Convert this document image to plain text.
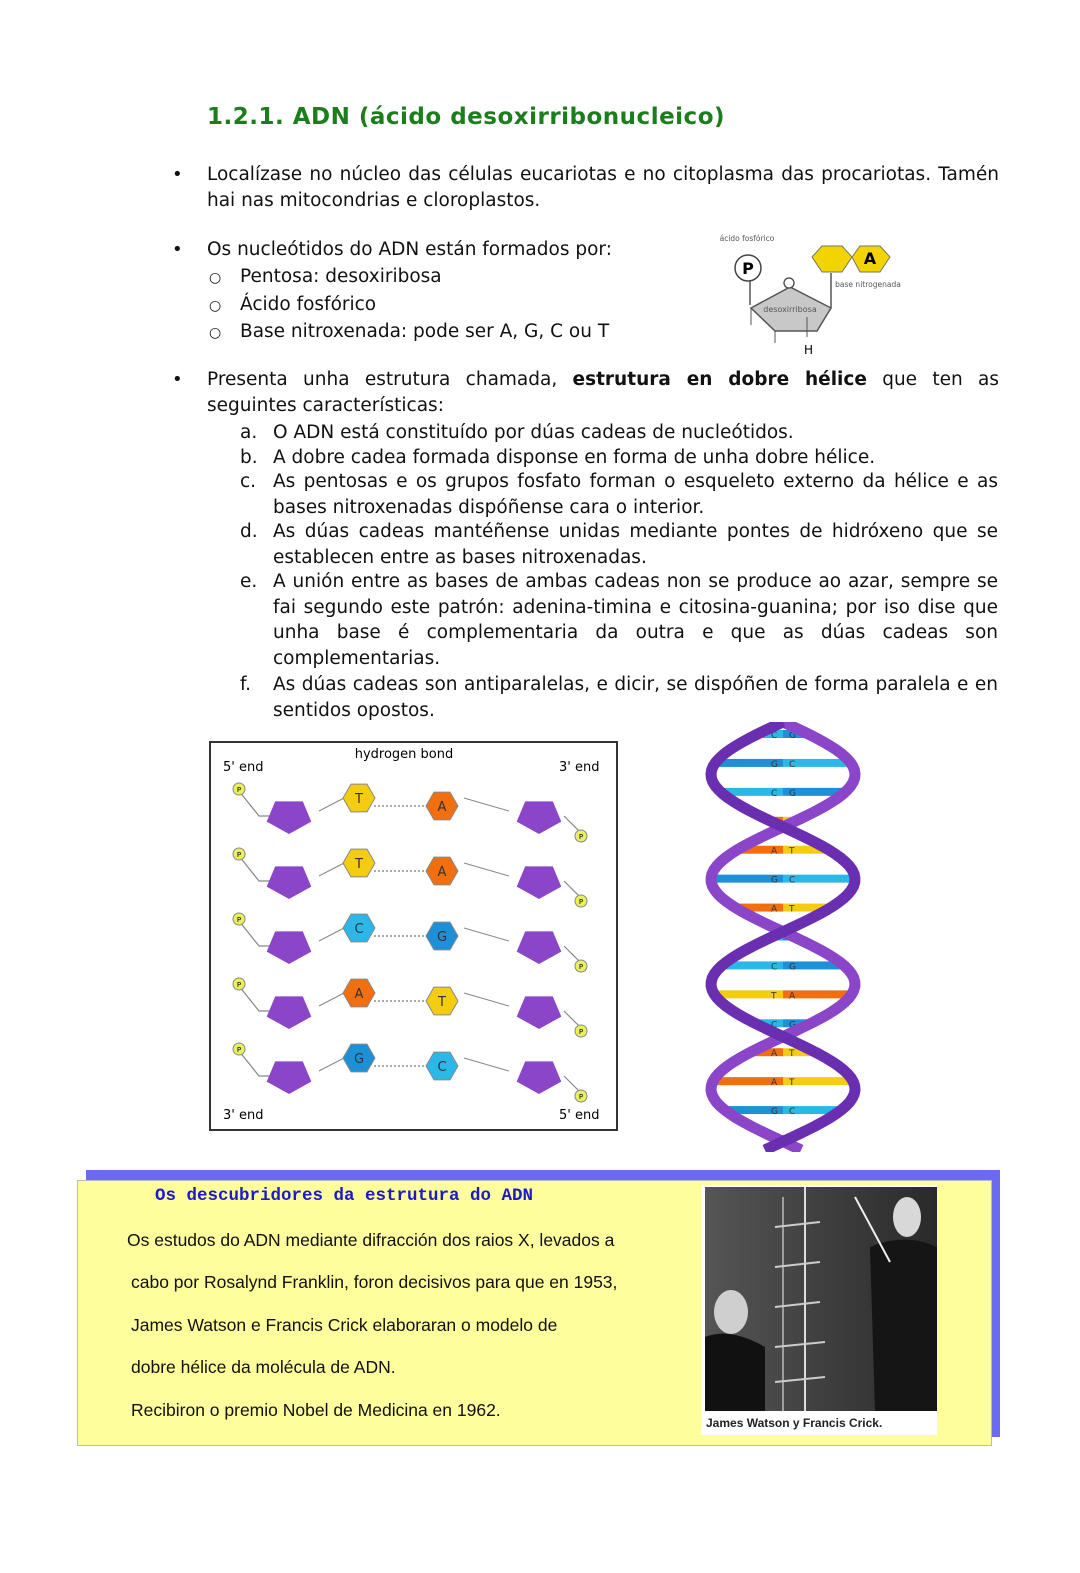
1.2.1. ADN (ácido desoxirribonucleico)
• Localízase no núcleo das células eucariotas e no citoplasma das procariotas. Tamén hai nas mitocondrias e cloroplastos.
• Os nucleótidos do ADN están formados por:
○ Pentosa: desoxiribosa
○ Ácido fosfórico
○ Base nitroxenada: pode ser A, G, C ou T
ácido fosfórico
P
desoxirribosa
H
A
base nitrogenada
• Presenta unha estrutura chamada, estrutura en dobre hélice que ten as seguintes características:
a. O ADN está constituído por dúas cadeas de nucleótidos.
b. A dobre cadea formada disponse en forma de unha dobre hélice.
c. As pentosas e os grupos fosfato forman o esqueleto externo da hélice e as bases nitroxenadas dispóñense cara o interior.
d. As dúas cadeas mantéñense unidas mediante pontes de hidróxeno que se establecen entre as bases nitroxenadas.
e. A unión entre as bases de ambas cadeas non se produce ao azar, sempre se fai segundo este patrón: adenina-timina e citosina-guanina; por iso dise que unha base é complementaria da outra e que as dúas cadeas son complementarias.
f.	As dúas cadeas son antiparalelas, e dicir, se dispóñen de forma paralela e en sentidos opostos.
5' end	3' end
3' end	5' end
hydrogen bond
P
P
T
A
P
P
T
A
P
P
C
G
P
P
A
T
P
P
G
C
C G
G C
C G
A T
A T
G C
A T
C G
C G
T A
C G
A T
A T
G C
A T
Os descubridores da estrutura do ADN
Os estudos do ADN mediante difracción dos raios X, levados a
cabo por Rosalynd Franklin, foron decisivos para que en 1953,
James Watson e Francis Crick elaboraran o modelo de
dobre hélice da molécula de ADN.
Recibiron o premio Nobel de Medicina en 1962.
James Watson y Francis Crick.
